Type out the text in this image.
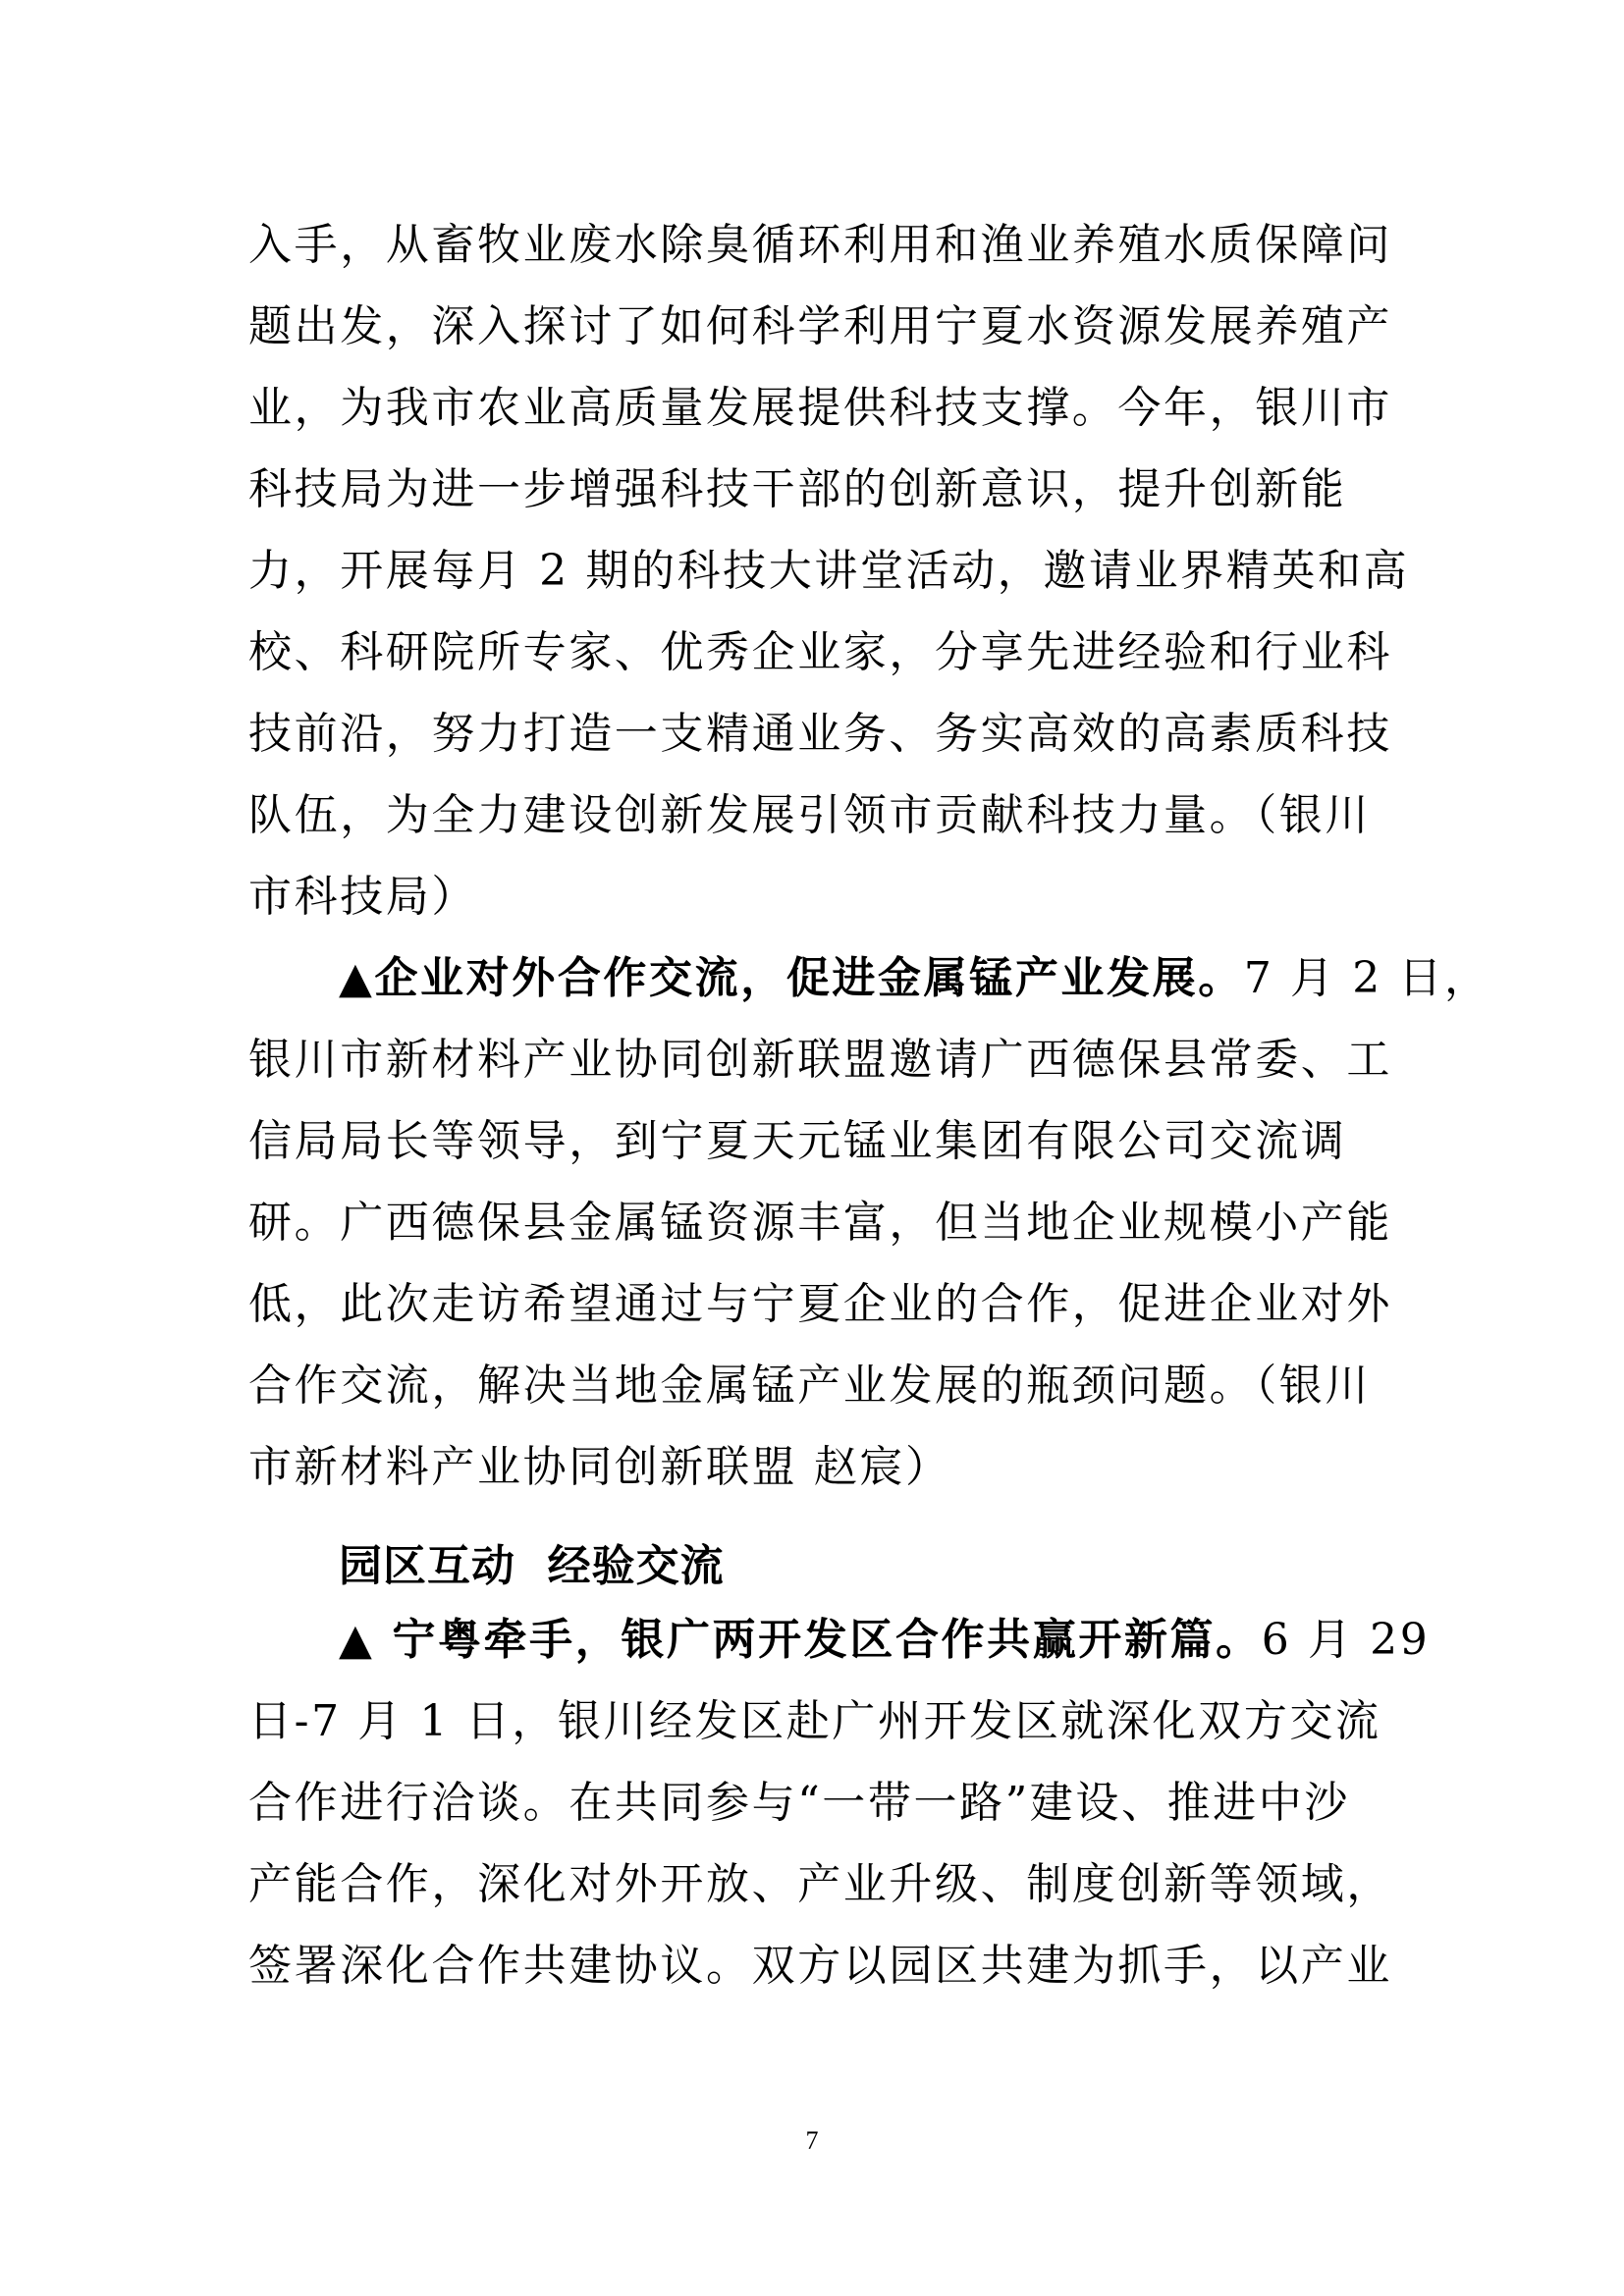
入手，从畜牧业废水除臭循环利用和渔业养殖水质保障问
题出发，深入探讨了如何科学利用宁夏水资源发展养殖产
业，为我市农业高质量发展提供科技支撑。今年，银川市
科技局为进一步增强科技干部的创新意识，提升创新能
力，开展每月 2 期的科技大讲堂活动，邀请业界精英和高
校、科研院所专家、优秀企业家，分享先进经验和行业科
技前沿，努力打造一支精通业务、务实高效的高素质科技
队伍，为全力建设创新发展引领市贡献科技力量。（银川
市科技局）
▲企业对外合作交流，促进金属锰产业发展。7 月 2 日，
银川市新材料产业协同创新联盟邀请广西德保县常委、工
信局局长等领导，到宁夏天元锰业集团有限公司交流调
研。广西德保县金属锰资源丰富，但当地企业规模小产能
低，此次走访希望通过与宁夏企业的合作，促进企业对外
合作交流，解决当地金属锰产业发展的瓶颈问题。（银川
市新材料产业协同创新联盟 赵宸）
园区互动  经验交流
▲ 宁粤牵手，银广两开发区合作共赢开新篇。6 月 29
日-7 月 1 日，银川经发区赴广州开发区就深化双方交流
合作进行洽谈。在共同参与“一带一路”建设、推进中沙
产能合作，深化对外开放、产业升级、制度创新等领域，
签署深化合作共建协议。双方以园区共建为抓手，以产业
7
